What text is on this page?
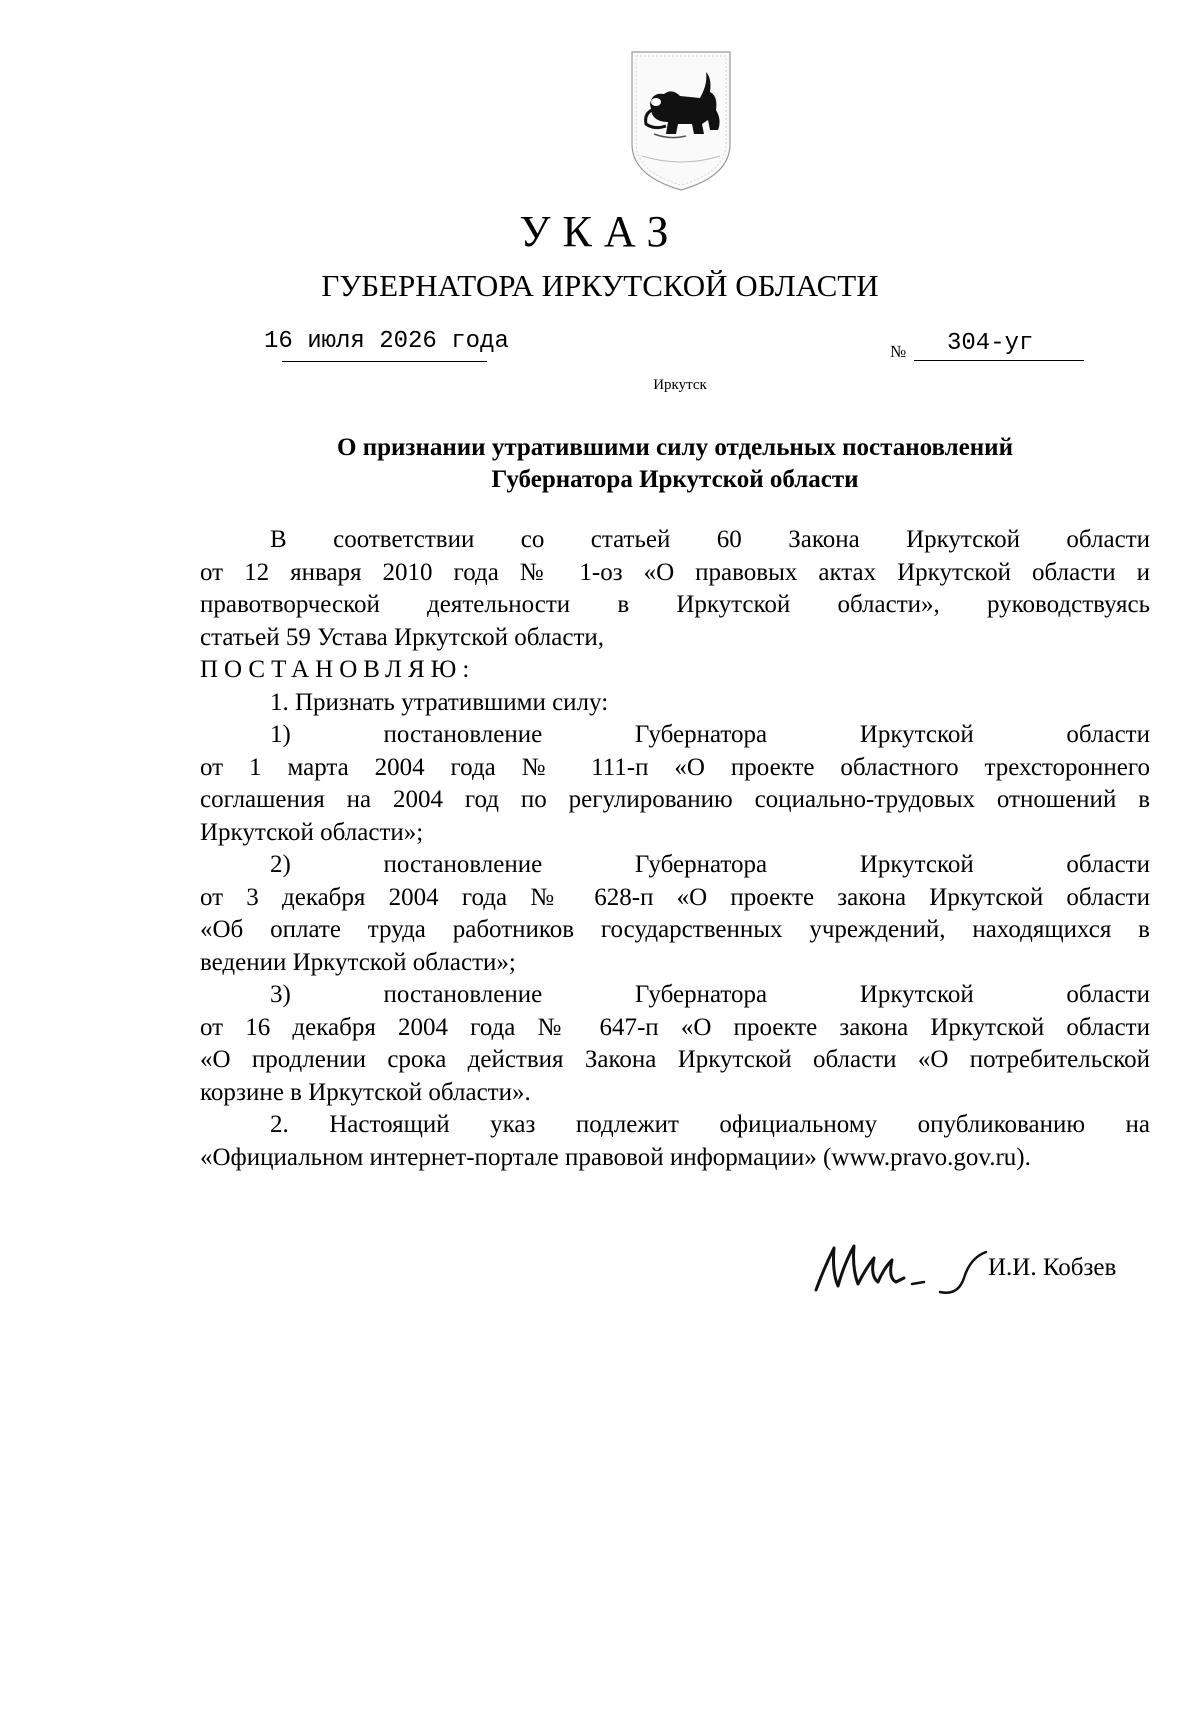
УКАЗ
ГУБЕРНАТОРА ИРКУТСКОЙ ОБЛАСТИ
16 июля 2026 года	№ 304-уг
Иркутск
О признании утратившими силу отдельных постановлений
Губернатора Иркутской области

В соответствии со статьей 60 Закона Иркутской области

от 12 января 2010 года № 1-оз «О правовых актах Иркутской области и

правотворческой деятельности в Иркутской области», руководствуясь

статьей 59 Устава Иркутской области,

ПОСТАНОВЛЯЮ:

1. Признать утратившими силу:

1) постановление Губернатора Иркутской области

от 1 марта 2004 года № 111-п «О проекте областного трехстороннего

соглашения на 2004 год по регулированию социально-трудовых отношений в

Иркутской области»;

2) постановление Губернатора Иркутской области

от 3 декабря 2004 года № 628-п «О проекте закона Иркутской области

«Об оплате труда работников государственных учреждений, находящихся в

ведении Иркутской области»;

3) постановление Губернатора Иркутской области

от 16 декабря 2004 года № 647-п «О проекте закона Иркутской области

«О продлении срока действия Закона Иркутской области «О потребительской

корзине в Иркутской области».

2. Настоящий указ подлежит официальному опубликованию на

«Официальном интернет-портале правовой информации» (www.pravo.gov.ru).

И.И. Кобзев
